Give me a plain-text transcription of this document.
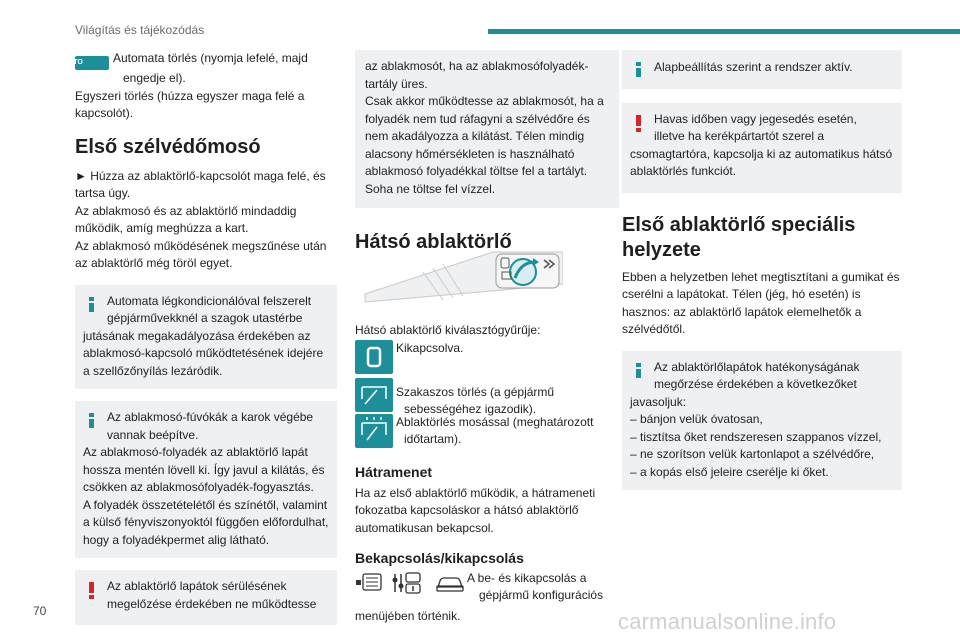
Világítás és tájékozódás
AUTO	Automata törlés (nyomja lefelé, majd
engedje el).
Egyszeri törlés (húzza egyszer maga felé a kapcsolót).
Első szélvédőmosó
► Húzza az ablaktörlő-kapcsolót maga felé, és tartsa úgy.
Az ablakmosó és az ablaktörlő mindaddig működik, amíg meghúzza a kart.
Az ablakmosó működésének megszűnése után az ablaktörlő még töröl egyet.
Automata légkondicionálóval felszerelt
gépjárművekknél a szagok utastérbe jutásának megakadályozása érdekében az ablakmosó-kapcsoló működtetésének idejére a szellőzőnyílás lezáródik.
Az ablakmosó-fúvókák a karok végébe
vannak beépítve.
Az ablakmosó-folyadék az ablaktörlő lapát hossza mentén lövell ki. Így javul a kilátás, és csökken az ablakmosófolyadék-fogyasztás.
A folyadék összetételétől és színétől, valamint a külső fényviszonyoktól függően előfordulhat, hogy a folyadékpermet alig látható.
Az ablaktörlő lapátok sérülésének
megelőzése érdekében ne működtesse
az ablakmosót, ha az ablakmosófolyadék-tartály üres.
Csak akkor működtesse az ablakmosót, ha a folyadék nem tud ráfagyni a szélvédőre és nem akadályozza a kilátást. Télen mindig alacsony hőmérsékleten is használható ablakmosó folyadékkal töltse fel a tartályt. Soha ne töltse fel vízzel.
Hátsó ablaktörlő
Hátsó ablaktörlő kiválasztógyűrűje:
Kikapcsolva.
Szakaszos törlés (a gépjármű
sebességéhez igazodik).
Ablaktörlés mosással (meghatározott
időtartam).
Hátramenet
Ha az első ablaktörlő működik, a hátrameneti fokozatba kapcsoláskor a hátsó ablaktörlő automatikusan bekapcsol.
Bekapcsolás/kikapcsolás
A be- és kikapcsolás a
gépjármű konfigurációs
menüjében történik.
Alapbeállítás szerint a rendszer aktív.
Havas időben vagy jegesedés esetén,
illetve ha kerékpártartót szerel a
csomagtartóra, kapcsolja ki az automatikus hátsó ablaktörlés funkciót.
Első ablaktörlő speciális helyzete
Ebben a helyzetben lehet megtisztítani a gumikat és cserélni a lapátokat. Télen (jég, hó esetén) is hasznos: az ablaktörlő lapátok elemelhetők a szélvédőtől.
Az ablaktörlőlapátok hatékonyságának
megőrzése érdekében a következőket
javasoljuk:
– bánjon velük óvatosan,
– tisztítsa őket rendszeresen szappanos vízzel,
– ne szorítson velük kartonlapot a szélvédőre,
– a kopás első jeleire cserélje ki őket.
70	carmanualsonline.info
